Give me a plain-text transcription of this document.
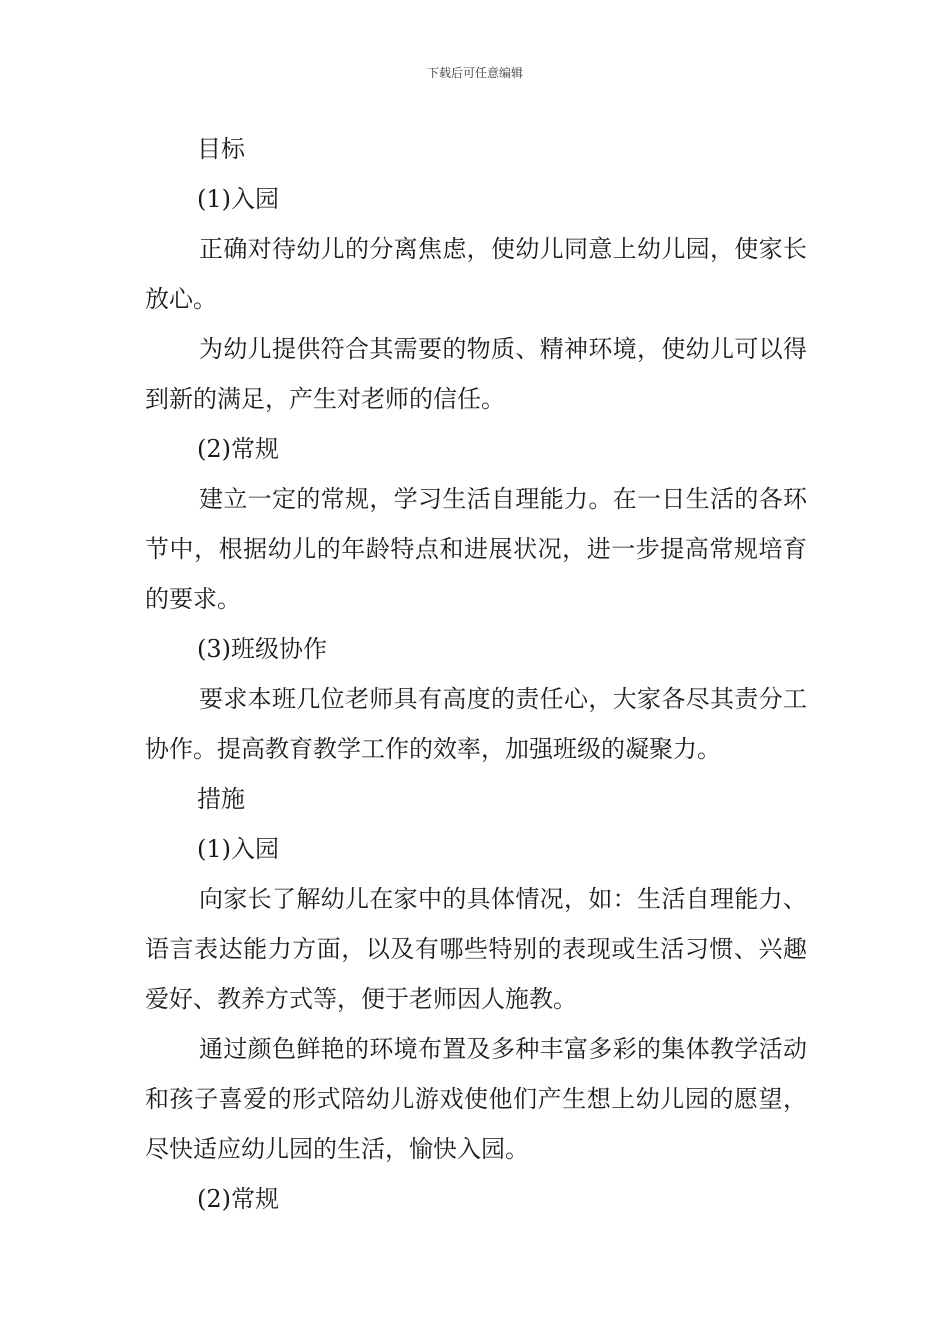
下载后可任意编辑

目标

(1)入园

正确对待幼儿的分离焦虑，使幼儿同意上幼儿园，使家长放心。

为幼儿提供符合其需要的物质、精神环境，使幼儿可以得到新的满足，产生对老师的信任。

(2)常规

建立一定的常规，学习生活自理能力。在一日生活的各环节中，根据幼儿的年龄特点和进展状况，进一步提高常规培育的要求。

(3)班级协作

要求本班几位老师具有高度的责任心，大家各尽其责分工协作。提高教育教学工作的效率，加强班级的凝聚力。

措施

(1)入园

向家长了解幼儿在家中的具体情况，如：生活自理能力、语言表达能力方面，以及有哪些特别的表现或生活习惯、兴趣爱好、教养方式等，便于老师因人施教。

通过颜色鲜艳的环境布置及多种丰富多彩的集体教学活动和孩子喜爱的形式陪幼儿游戏使他们产生想上幼儿园的愿望，尽快适应幼儿园的生活，愉快入园。

(2)常规
